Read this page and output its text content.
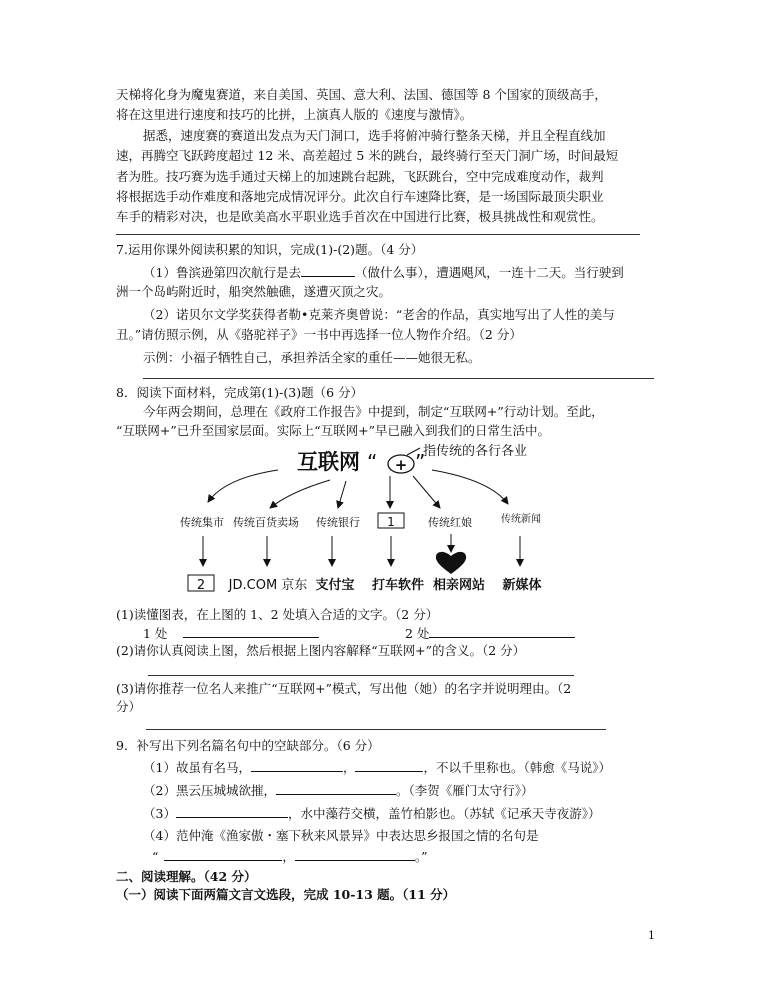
天梯将化身为魔鬼赛道，来自美国、英国、意大利、法国、德国等 8 个国家的顶级高手，
将在这里进行速度和技巧的比拼，上演真人版的《速度与激情》。
据悉，速度赛的赛道出发点为天门洞口，选手将俯冲骑行整条天梯，并且全程直线加
速，再腾空飞跃跨度超过 12 米、高差超过 5 米的跳台，最终骑行至天门洞广场，时间最短
者为胜。技巧赛为选手通过天梯上的加速跳台起跳，飞跃跳台，空中完成难度动作，裁判
将根据选手动作难度和落地完成情况评分。此次自行车速降比赛，是一场国际最顶尖职业
车手的精彩对决，也是欧美高水平职业选手首次在中国进行比赛，极具挑战性和观赏性。
7.运用你课外阅读积累的知识，完成(1)-(2)题。（4 分）
（1）鲁滨逊第四次航行是去	（做什么事），遭遇飓风，一连十二天。当行驶到
洲一个岛屿附近时，船突然触礁，遂遭灭顶之灾。
（2）诺贝尔文学奖获得者勒•克莱齐奥曾说：“老舍的作品，真实地写出了人性的美与
丑。”请仿照示例，从《骆驼祥子》一书中再选择一位人物作介绍。（2 分）
示例：小福子牺牲自己，承担养活全家的重任——她很无私。
8．阅读下面材料，完成第(1)-(3)题（6 分）
今年两会期间，总理在《政府工作报告》中提到，制定“互联网+”行动计划。至此，
“互联网+”已升至国家层面。实际上“互联网+”早已融入到我们的日常生活中。
互联网 “ + ”
指传统的各行各业
传统集市 传统百货卖场 传统银行 1	传统红娘	传统新闻
2 JD.COM 京东 支付宝 打车软件 相亲网站 新媒体
(1)读懂图表，在上图的 1、2 处填入合适的文字。（2 分）
1 处	2 处
(2)请你认真阅读上图，然后根据上图内容解释“互联网+”的含义。（2 分）
(3)请你推荐一位名人来推广“互联网+”模式，写出他（她）的名字并说明理由。（2
分）
9．补写出下列名篇名句中的空缺部分。（6 分）
（1）故虽有名马，	，	，不以千里称也。（韩愈《马说》）
（2）黑云压城城欲摧，	。（李贺《雁门太守行》）
（3）	，水中藻荇交横，盖竹柏影也。（苏轼《记承天寺夜游》）
（4）范仲淹《渔家傲・塞下秋来风景异》中表达思乡报国之情的名句是
“	，	。”
二、阅读理解。（42 分）
（一）阅读下面两篇文言文选段，完成 10-13 题。（11 分）
1
